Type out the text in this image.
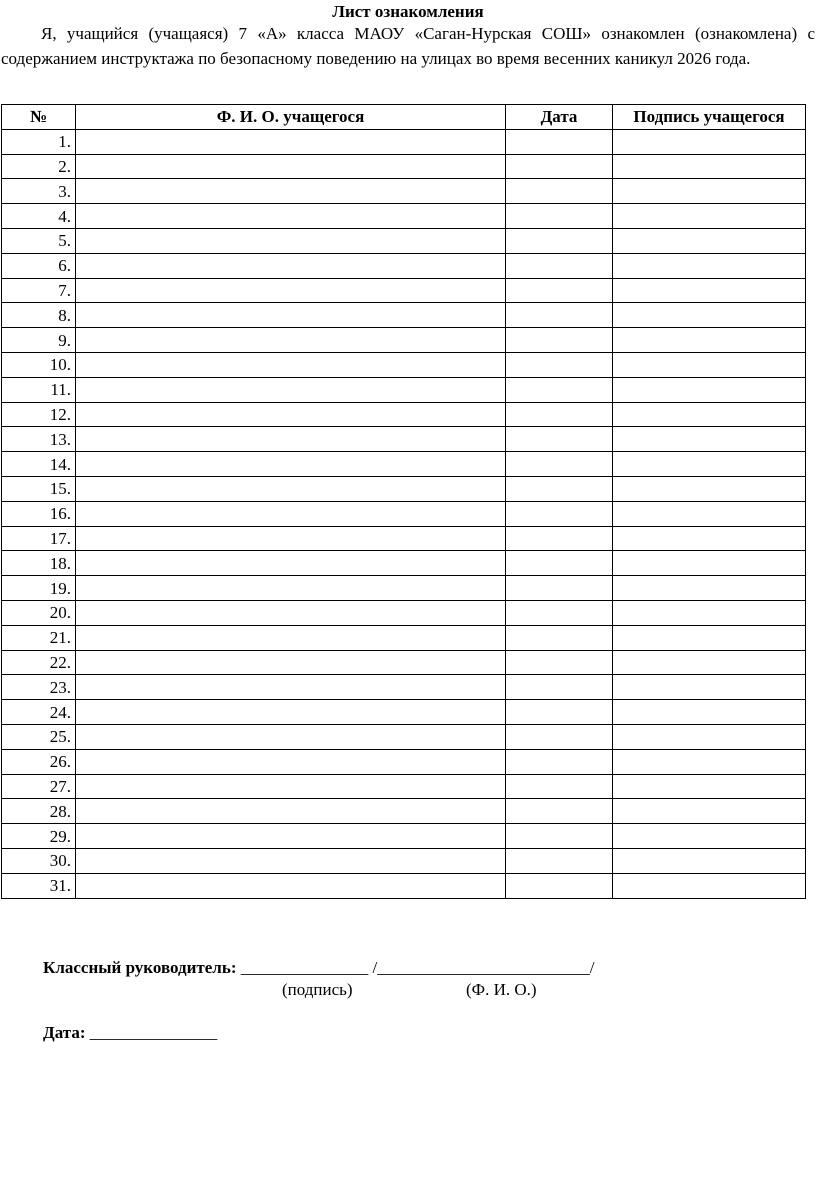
Лист ознакомления
Я, учащийся (учащаяся) 7 «А» класса МАОУ «Саган-Нурская СОШ» ознакомлен (ознакомлена) с содержанием инструктажа по безопасному поведению на улицах во время весенних каникул 2026 года.
№	Ф. И. О. учащегося	Дата	Подпись учащегося
1.			
2.			
3.			
4.			
5.			
6.			
7.			
8.			
9.			
10.			
11.			
12.			
13.			
14.			
15.			
16.			
17.			
18.			
19.			
20.			
21.			
22.			
23.			
24.			
25.			
26.			
27.			
28.			
29.			
30.			
31.			
Классный руководитель: _______________ /_________________________/
(подпись)	(Ф. И. О.)
Дата: _______________
